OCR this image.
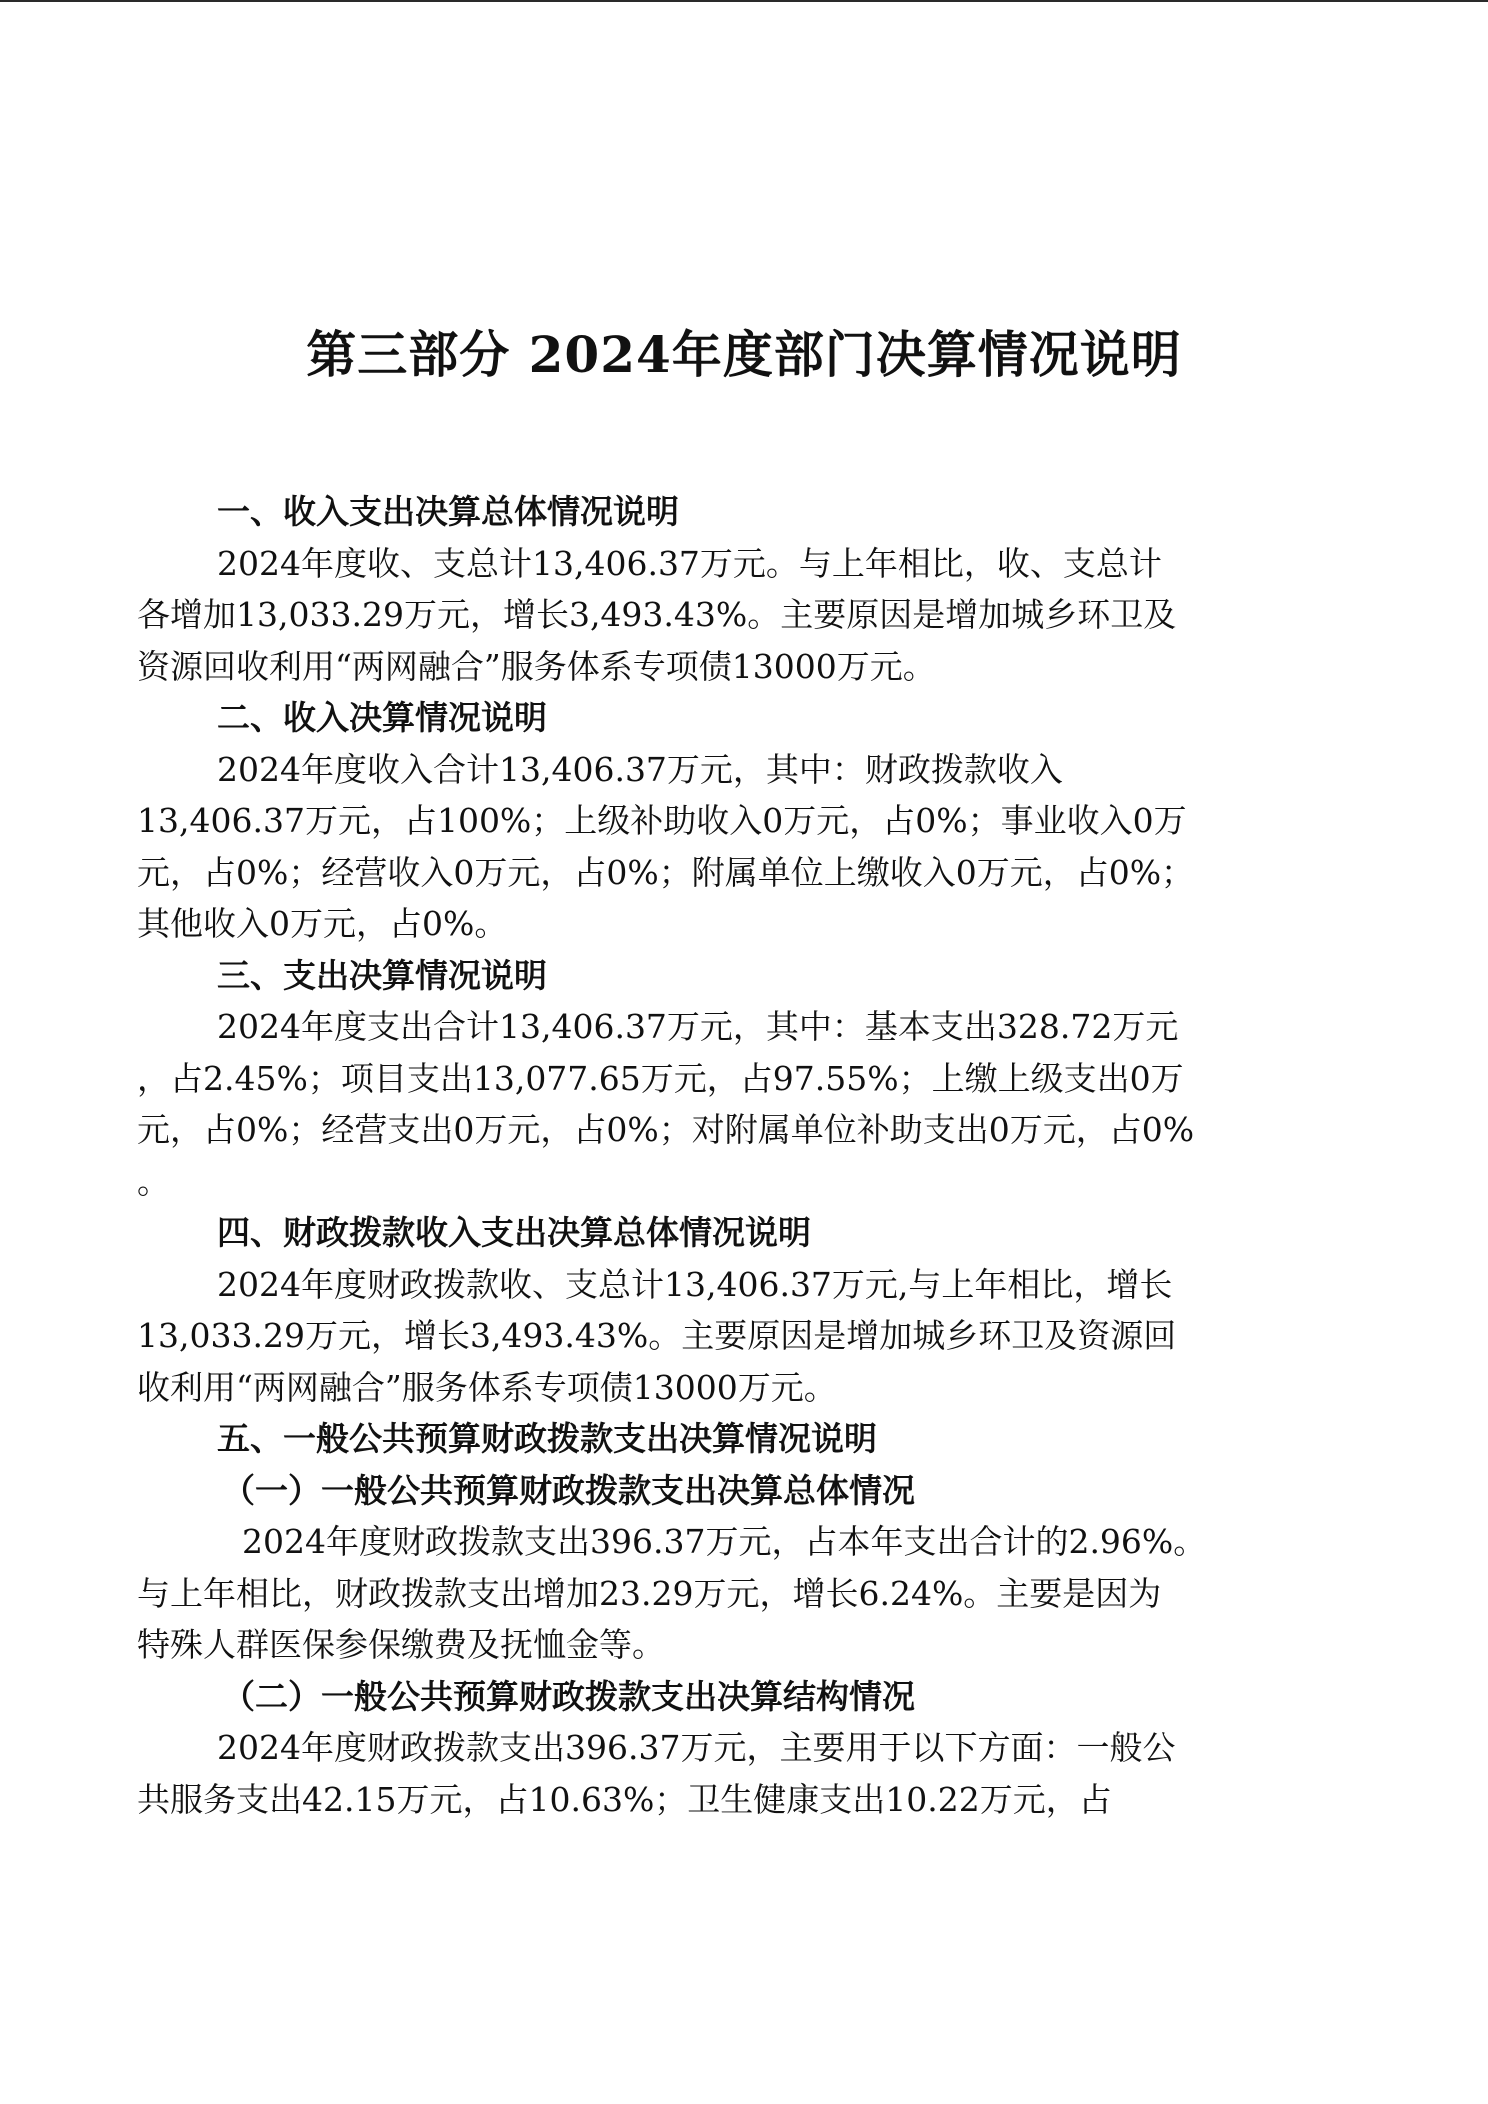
第三部分 2024年度部门决算情况说明
一、收入支出决算总体情况说明
2024年度收、支总计13,406.37万元。与上年相比，收、支总计
各增加13,033.29万元，增长3,493.43%。主要原因是增加城乡环卫及
资源回收利用“两网融合”服务体系专项债13000万元。
二、收入决算情况说明
2024年度收入合计13,406.37万元，其中：财政拨款收入
13,406.37万元，占100%；上级补助收入0万元，占0%；事业收入0万
元，占0%；经营收入0万元，占0%；附属单位上缴收入0万元，占0%；
其他收入0万元，占0%。
三、支出决算情况说明
2024年度支出合计13,406.37万元，其中：基本支出328.72万元
，占2.45%；项目支出13,077.65万元，占97.55%；上缴上级支出0万
元，占0%；经营支出0万元，占0%；对附属单位补助支出0万元，占0%
。
四、财政拨款收入支出决算总体情况说明
2024年度财政拨款收、支总计13,406.37万元,与上年相比，增长
13,033.29万元，增长3,493.43%。主要原因是增加城乡环卫及资源回
收利用“两网融合”服务体系专项债13000万元。
五、一般公共预算财政拨款支出决算情况说明
（一）一般公共预算财政拨款支出决算总体情况
2024年度财政拨款支出396.37万元，占本年支出合计的2.96%。
与上年相比，财政拨款支出增加23.29万元，增长6.24%。主要是因为
特殊人群医保参保缴费及抚恤金等。
（二）一般公共预算财政拨款支出决算结构情况
2024年度财政拨款支出396.37万元，主要用于以下方面：一般公
共服务支出42.15万元，占10.63%；卫生健康支出10.22万元，占
